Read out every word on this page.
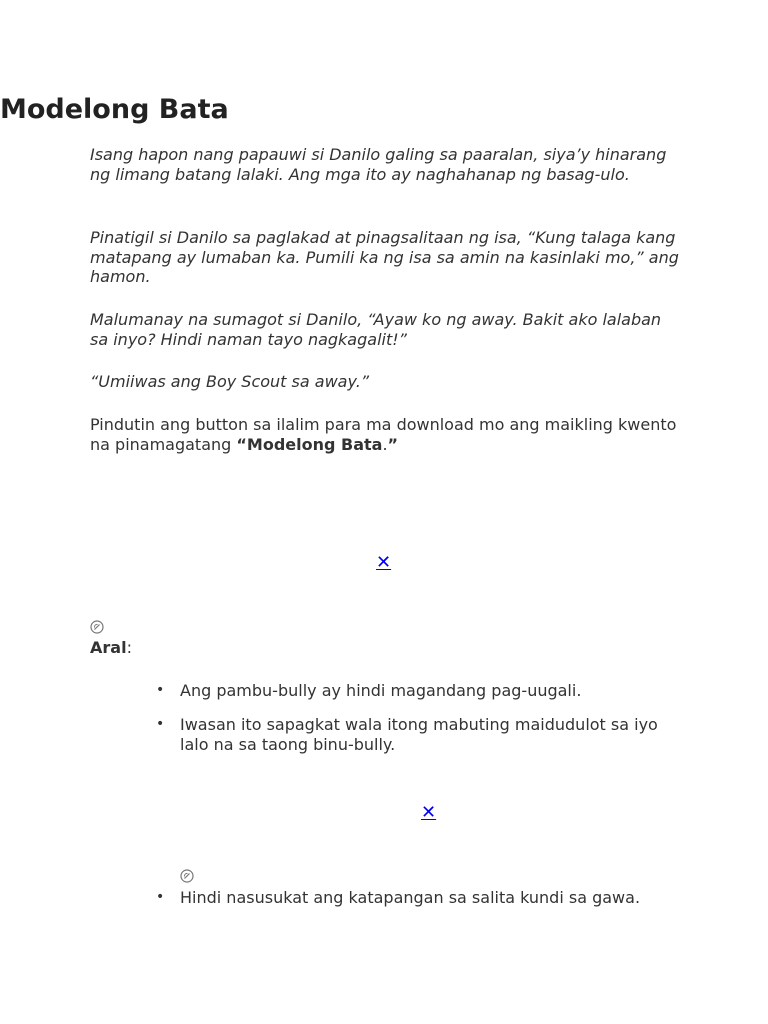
Modelong Bata

Isang hapon nang papauwi si Danilo galing sa paaralan, siya’y hinarang ng limang batang lalaki. Ang mga ito ay naghahanap ng basag-ulo.

Pinatigil si Danilo sa paglakad at pinagsalitaan ng isa, “Kung talaga kang matapang ay lumaban ka. Pumili ka ng isa sa amin na kasinlaki mo,” ang hamon.

Malumanay na sumagot si Danilo, “Ayaw ko ng away. Bakit ako lalaban sa inyo? Hindi naman tayo nagkagalit!”

“Umiiwas ang Boy Scout sa away.”

Pindutin ang button sa ilalim para ma download mo ang maikling kwento na pinamagatang “Modelong Bata.”

✕

Aral:

• Ang pambu-bully ay hindi magandang pag-uugali.
• Iwasan ito sapagkat wala itong mabuting maidudulot sa iyo lalo na sa taong binu-bully.
✕
• Hindi nasusukat ang katapangan sa salita kundi sa gawa.
